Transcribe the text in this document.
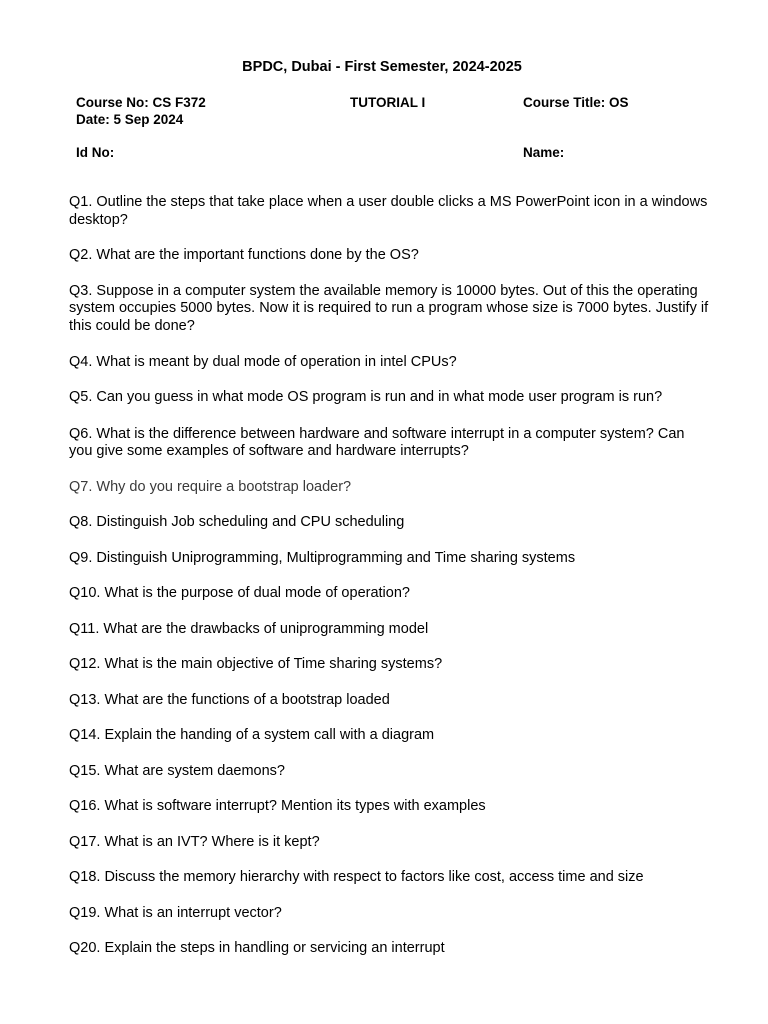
BPDC, Dubai - First Semester, 2024-2025
Course No: CS F372
Date: 5 Sep 2024
TUTORIAL I	Course Title: OS
Id No:	Name:

Q1. Outline the steps that take place when a user double clicks a MS PowerPoint icon in a windows desktop?

Q2. What are the important functions done by the OS?

Q3. Suppose in a computer system the available memory is 10000 bytes. Out of this the operating system occupies 5000 bytes. Now it is required to run a program whose size is 7000 bytes. Justify if this could be done?

Q4. What is meant by dual mode of operation in intel CPUs?

Q5. Can you guess in what mode OS program is run and in what mode user program is run?

Q6. What is the difference between hardware and software interrupt in a computer system? Can you give some examples of software and hardware interrupts?

Q7. Why do you require a bootstrap loader?

Q8. Distinguish Job scheduling and CPU scheduling

Q9. Distinguish Uniprogramming, Multiprogramming and Time sharing systems

Q10. What is the purpose of dual mode of operation?

Q11. What are the drawbacks of uniprogramming model

Q12. What is the main objective of Time sharing systems?

Q13. What are the functions of a bootstrap loaded

Q14. Explain the handing of a system call with a diagram

Q15. What are system daemons?

Q16. What is software interrupt? Mention its types with examples

Q17. What is an IVT? Where is it kept?

Q18. Discuss the memory hierarchy with respect to factors like cost, access time and size

Q19. What is an interrupt vector?

Q20. Explain the steps in handling or servicing an interrupt
